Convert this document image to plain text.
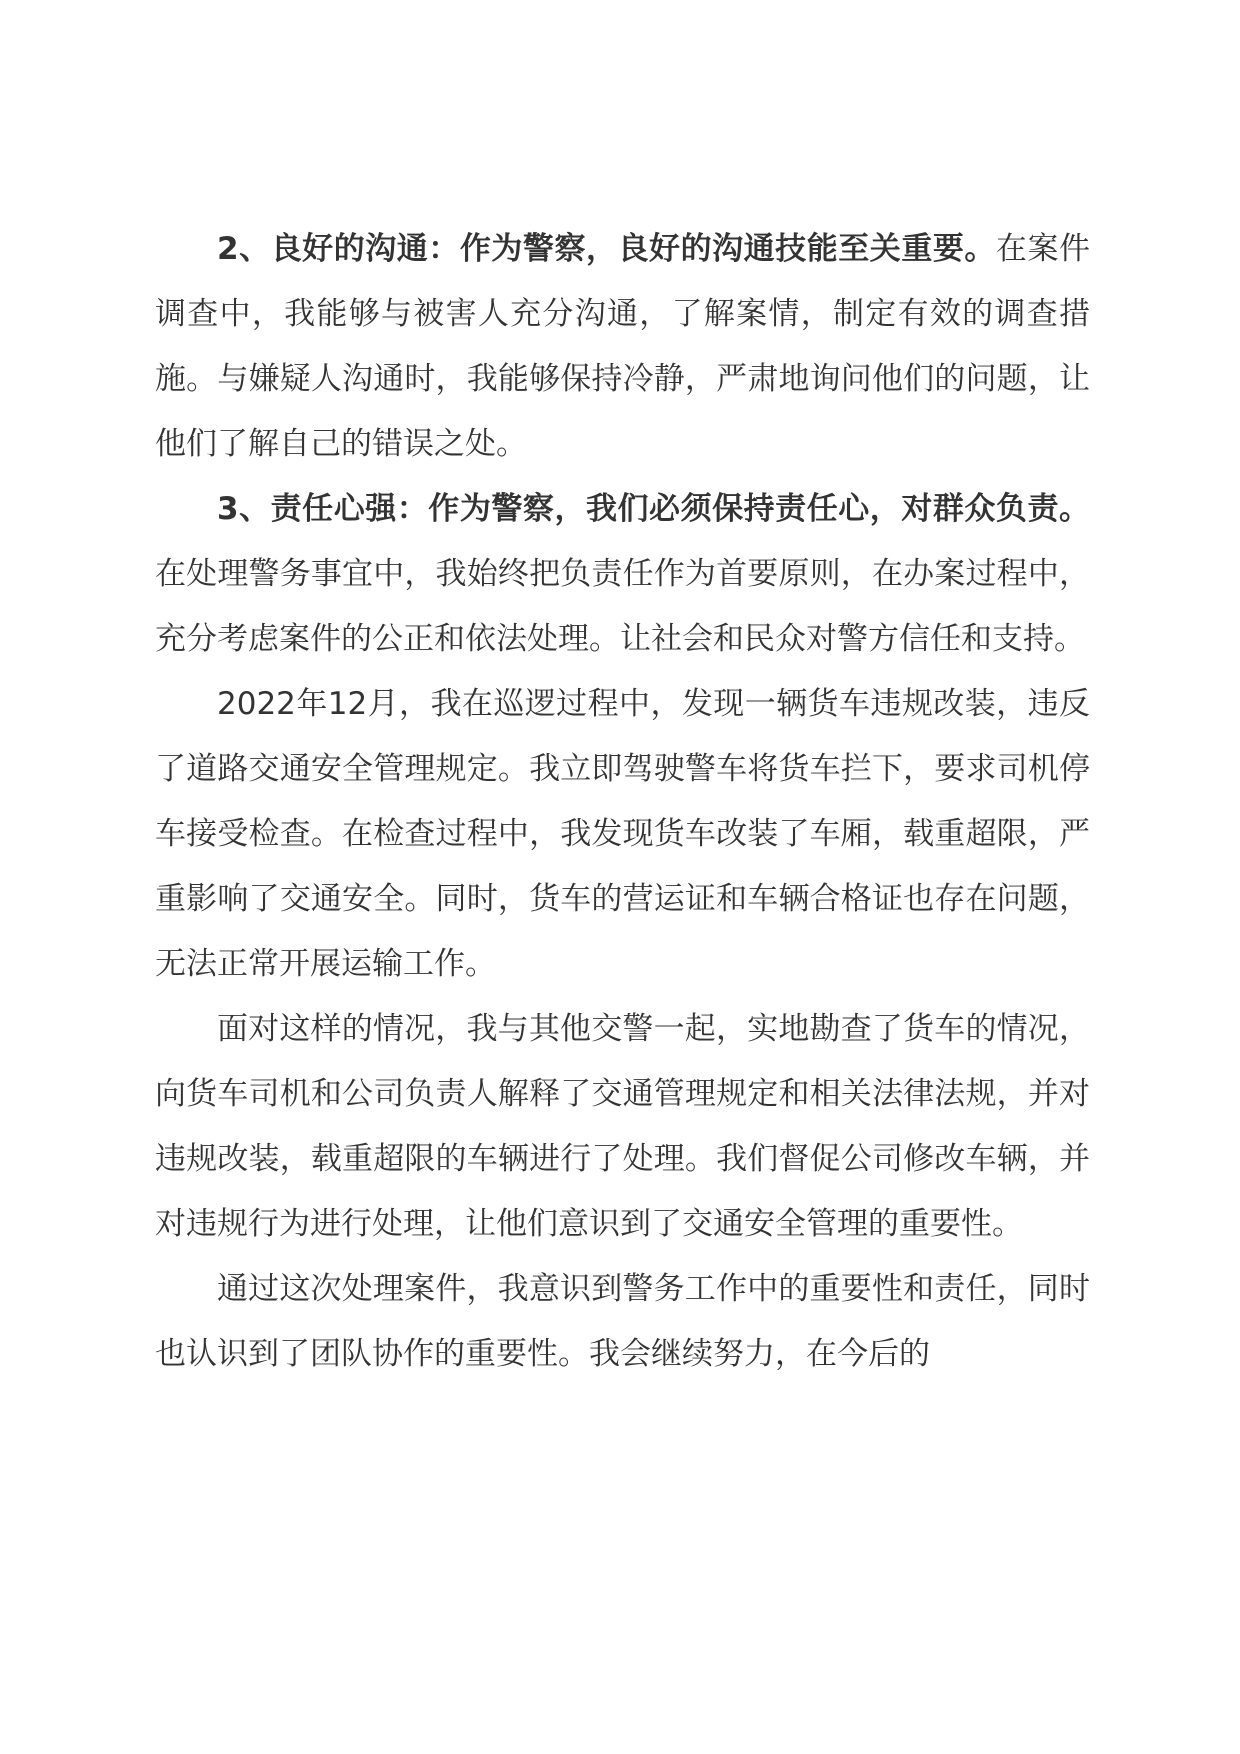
2、良好的沟通：作为警察，良好的沟通技能至关重要。在案件调查中，我能够与被害人充分沟通，了解案情，制定有效的调查措施。与嫌疑人沟通时，我能够保持冷静，严肃地询问他们的问题，让他们了解自己的错误之处。

3、责任心强：作为警察，我们必须保持责任心，对群众负责。在处理警务事宜中，我始终把负责任作为首要原则，在办案过程中，充分考虑案件的公正和依法处理。让社会和民众对警方信任和支持。

2022年12月，我在巡逻过程中，发现一辆货车违规改装，违反了道路交通安全管理规定。我立即驾驶警车将货车拦下，要求司机停车接受检查。在检查过程中，我发现货车改装了车厢，载重超限，严重影响了交通安全。同时，货车的营运证和车辆合格证也存在问题，无法正常开展运输工作。

面对这样的情况，我与其他交警一起，实地勘查了货车的情况，向货车司机和公司负责人解释了交通管理规定和相关法律法规，并对违规改装，载重超限的车辆进行了处理。我们督促公司修改车辆，并对违规行为进行处理，让他们意识到了交通安全管理的重要性。

通过这次处理案件，我意识到警务工作中的重要性和责任，同时也认识到了团队协作的重要性。我会继续努力，在今后的
